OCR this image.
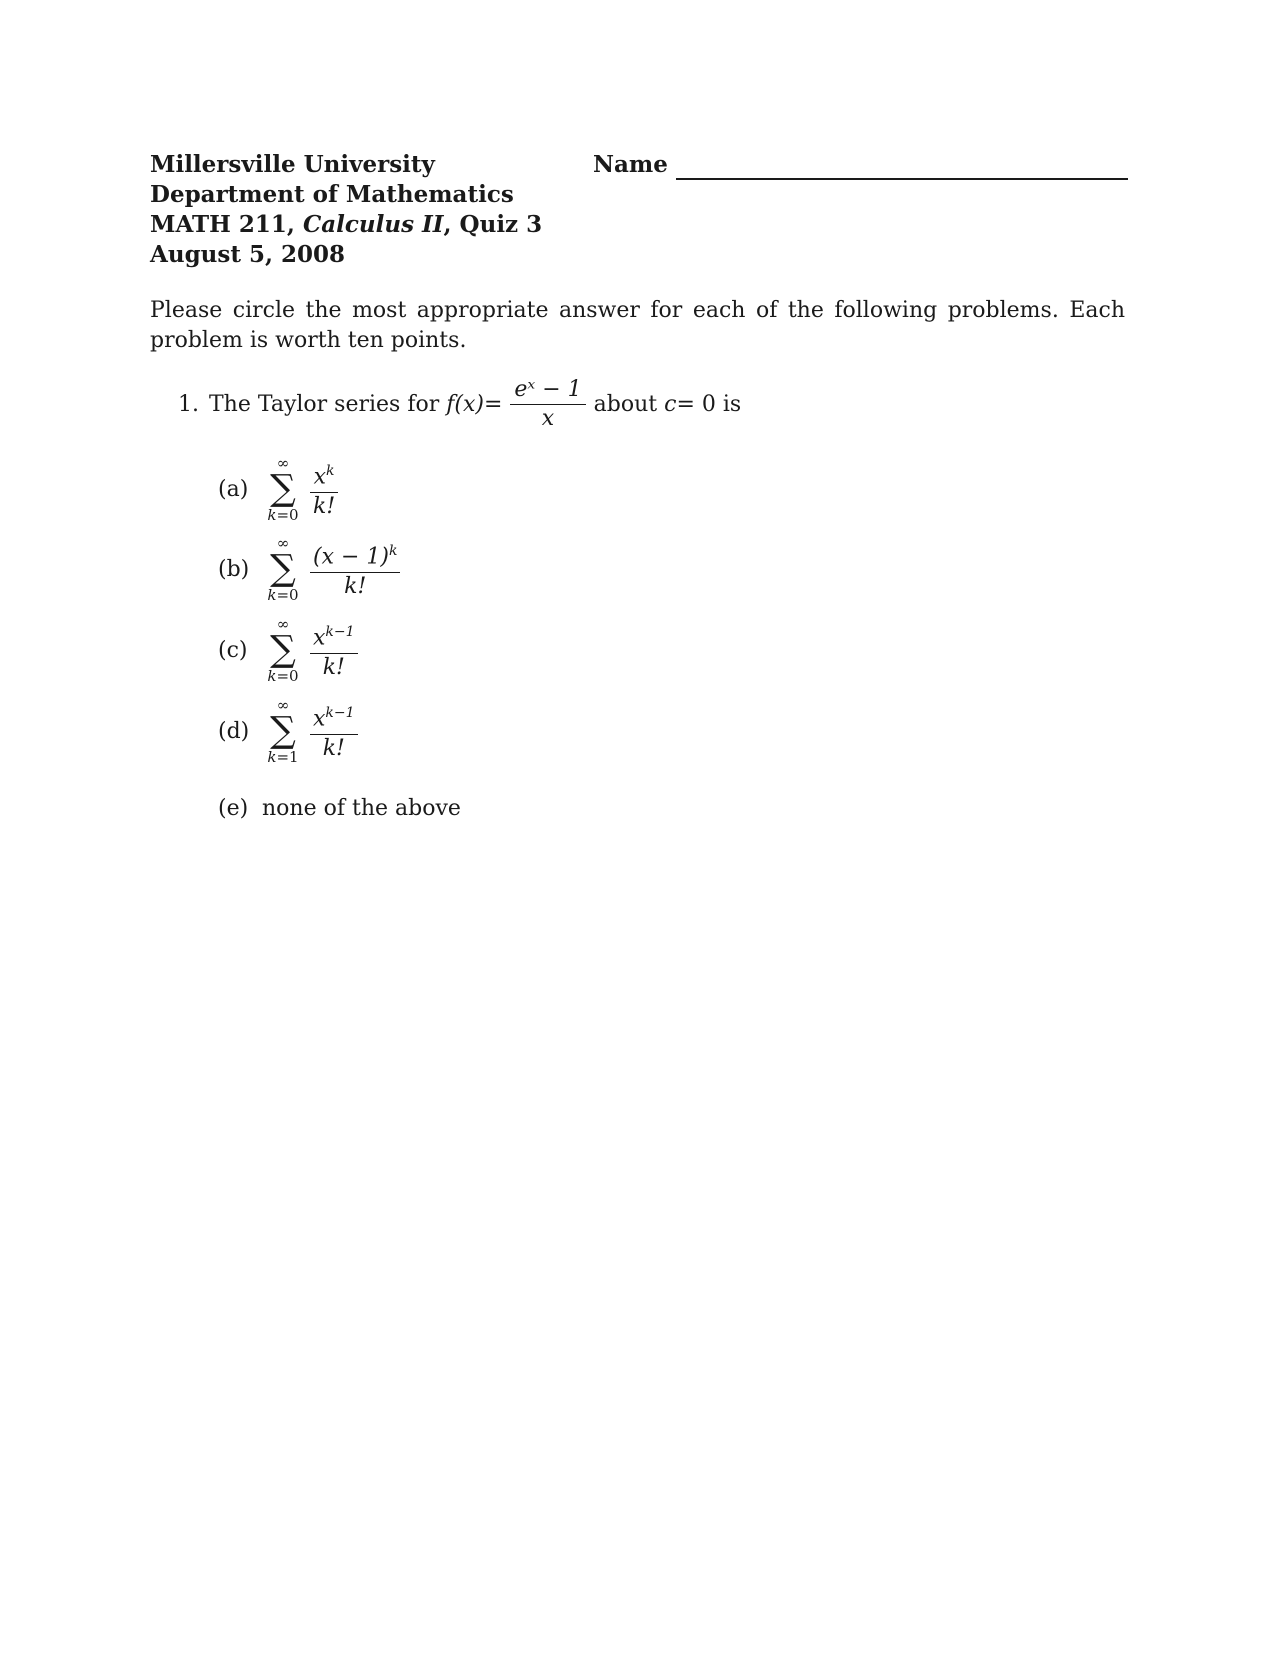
Millersville University
Department of Mathematics
MATH 211, Calculus II, Quiz 3
August 5, 2008
Name
Please circle the most appropriate answer for each of the following problems. Each problem is worth ten points.
1. The Taylor series for
$f(x) = \frac{\text{eˣ − 1}}{x}$ about
c = 0 is
(a)
∞
∑
$k=0 \frac{x^k}{k!}$
(b)
∞
∑
$k=0 \frac{(x - 1)^k}{k!}$
(c)
∞
∑
$k=0 \frac{x^{k-1}}{k!}$
(d)
∞
∑
$k=1 \frac{x^{k-1}}{k!}$
(e) none of the above
